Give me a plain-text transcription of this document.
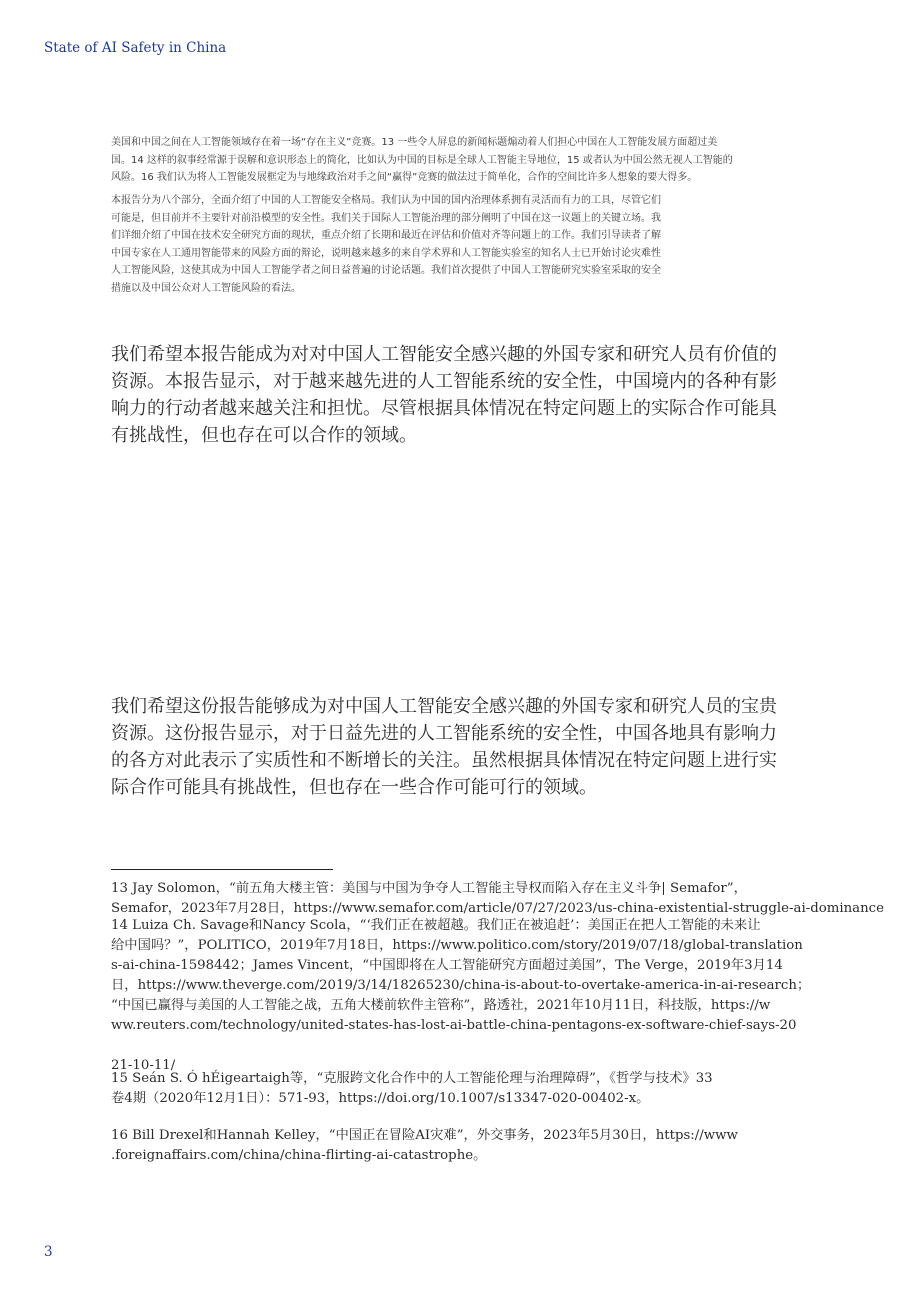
State of AI Safety in China

美国和中国之间在人工智能领域存在着一场“存在主义”竞赛。13 一些令人屏息的新闻标题煽动着人们担心中国在人工智能发展方面超过美
国。14 这样的叙事经常源于误解和意识形态上的简化，比如认为中国的目标是全球人工智能主导地位，15 或者认为中国公然无视人工智能的
风险。16 我们认为将人工智能发展框定为与地缘政治对手之间“赢得”竞赛的做法过于简单化，合作的空间比许多人想象的要大得多。

本报告分为八个部分，全面介绍了中国的人工智能安全格局。我们认为中国的国内治理体系拥有灵活而有力的工具，尽管它们
可能是，但目前并不主要针对前沿模型的安全性。我们关于国际人工智能治理的部分阐明了中国在这一议题上的关键立场。我
们详细介绍了中国在技术安全研究方面的现状，重点介绍了长期和最近在评估和价值对齐等问题上的工作。我们引导读者了解
中国专家在人工通用智能带来的风险方面的辩论，说明越来越多的来自学术界和人工智能实验室的知名人士已开始讨论灾难性
人工智能风险，这使其成为中国人工智能学者之间日益普遍的讨论话题。我们首次提供了中国人工智能研究实验室采取的安全
措施以及中国公众对人工智能风险的看法。

我们希望本报告能成为对对中国人工智能安全感兴趣的外国专家和研究人员有价值的
资源。本报告显示，对于越来越先进的人工智能系统的安全性，中国境内的各种有影
响力的行动者越来越关注和担忧。尽管根据具体情况在特定问题上的实际合作可能具
有挑战性，但也存在可以合作的领域。

我们希望这份报告能够成为对中国人工智能安全感兴趣的外国专家和研究人员的宝贵
资源。这份报告显示，对于日益先进的人工智能系统的安全性，中国各地具有影响力
的各方对此表示了实质性和不断增长的关注。虽然根据具体情况在特定问题上进行实
际合作可能具有挑战性，但也存在一些合作可能可行的领域。

13 Jay Solomon，“前五角大楼主管：美国与中国为争夺人工智能主导权而陷入存在主义斗争| Semafor”，
Semafor，2023年7月28日，https://www.semafor.com/article/07/27/2023/us-china-existential-struggle-ai-dominance

14 Luiza Ch. Savage和Nancy Scola，“‘我们正在被超越。我们正在被追赶’：美国正在把人工智能的未来让
给中国吗？”，POLITICO，2019年7月18日，https://www.politico.com/story/2019/07/18/global-translation
s-ai-china-1598442；James Vincent，“中国即将在人工智能研究方面超过美国”，The Verge，2019年3月14
日，https://www.theverge.com/2019/3/14/18265230/china-is-about-to-overtake-america-in-ai-research；
“中国已赢得与美国的人工智能之战，五角大楼前软件主管称”，路透社，2021年10月11日，科技版，https://w
ww.reuters.com/technology/united-states-has-lost-ai-battle-china-pentagons-ex-software-chief-says-20

21-10-11/

15 Seán S. Ó hÉigeartaigh等，“克服跨文化合作中的人工智能伦理与治理障碍”，《哲学与技术》33
卷4期（2020年12月1日）：571-93，https://doi.org/10.1007/s13347-020-00402-x。

16 Bill Drexel和Hannah Kelley，“中国正在冒险AI灾难”，外交事务，2023年5月30日，https://www
.foreignaffairs.com/china/china-flirting-ai-catastrophe。

3
